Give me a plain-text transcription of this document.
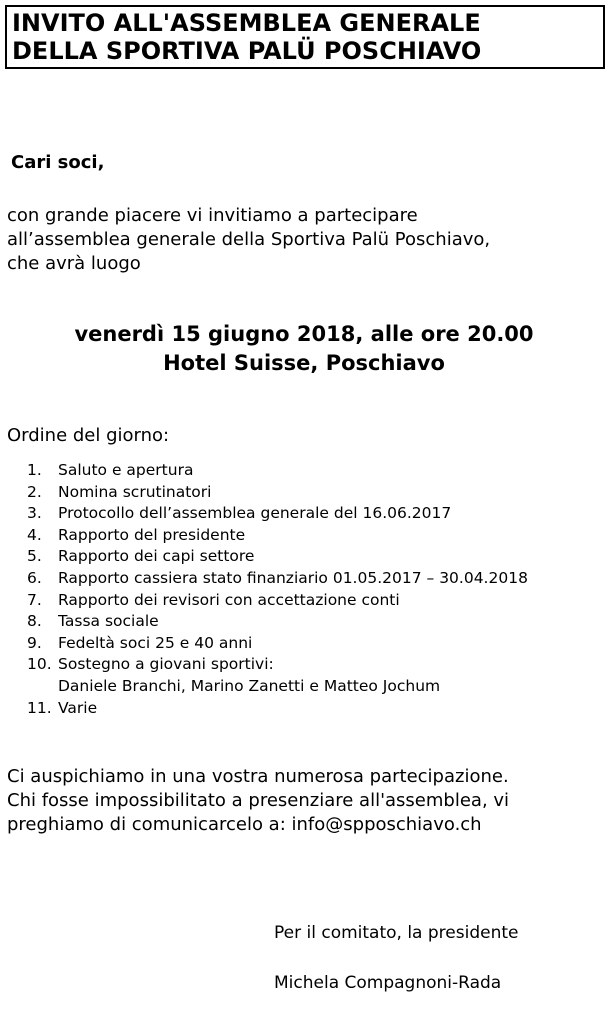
INVITO ALL'ASSEMBLEA GENERALE
DELLA SPORTIVA PALÜ POSCHIAVO
Cari soci,
con grande piacere vi invitiamo a partecipare
all’assemblea generale della Sportiva Palü Poschiavo,
che avrà luogo
venerdì 15 giugno 2018, alle ore 20.00
Hotel Suisse, Poschiavo
Ordine del giorno:
1.	Saluto e apertura
2.	Nomina scrutinatori
3.	Protocollo dell’assemblea generale del 16.06.2017
4.	Rapporto del presidente
5.	Rapporto dei capi settore
6.	Rapporto cassiera stato finanziario 01.05.2017 – 30.04.2018
7.	Rapporto dei revisori con accettazione conti
8.	Tassa sociale
9.	Fedeltà soci 25 e 40 anni
10. Sostegno a giovani sportivi:
Daniele Branchi, Marino Zanetti e Matteo Jochum
11. Varie
Ci auspichiamo in una vostra numerosa partecipazione.
Chi fosse impossibilitato a presenziare all'assemblea, vi
preghiamo di comunicarcelo a: info@spposchiavo.ch
Per il comitato, la presidente
Michela Compagnoni-Rada
